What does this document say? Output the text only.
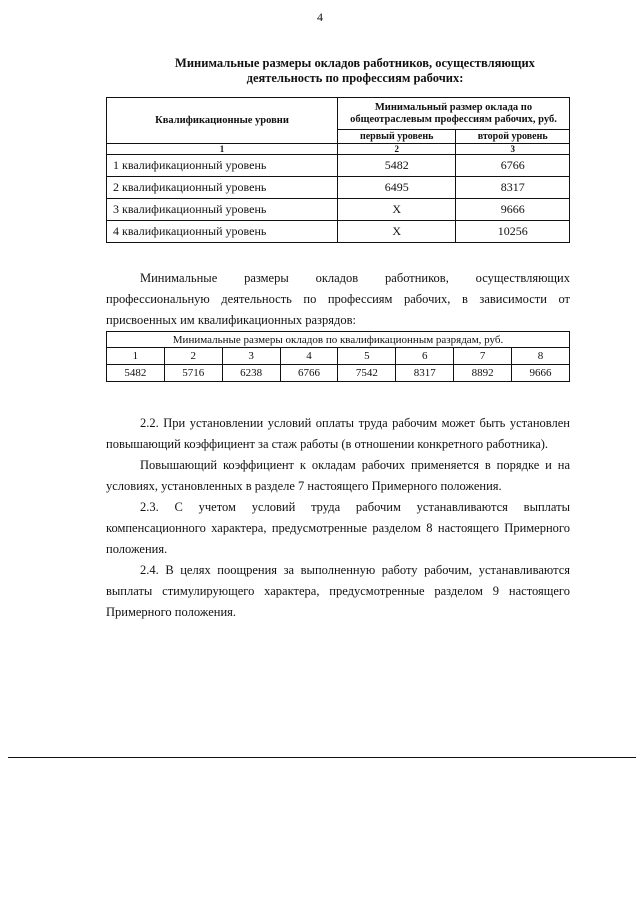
4
Минимальные размеры окладов работников, осуществляющих
деятельность по профессиям рабочих:
Квалификационные уровни	Минимальный размер оклада по общеотраслевым профессиям рабочих, руб.	
	первый уровень	второй уровень
1	2	3
1 квалификационный уровень	5482	6766
2 квалификационный уровень	6495	8317
3 квалификационный уровень	Х	9666
4 квалификационный уровень	Х	10256
Минимальные размеры окладов работников, осуществляющих профессиональную деятельность по профессиям рабочих, в зависимости от присвоенных им квалификационных разрядов:
Минимальные размеры окладов по квалификационным разрядам, руб.							
1	2	3	4	5	6	7	8
5482	5716	6238	6766	7542	8317	8892	9666
2.2. При установлении условий оплаты труда рабочим может быть установлен повышающий коэффициент за стаж работы (в отношении конкретного работника).
Повышающий коэффициент к окладам рабочих применяется в порядке и на условиях, установленных в разделе 7 настоящего Примерного положения.
2.3. С учетом условий труда рабочим устанавливаются выплаты компенсационного характера, предусмотренные разделом 8 настоящего Примерного положения.
2.4. В целях поощрения за выполненную работу рабочим, устанавливаются выплаты стимулирующего характера, предусмотренные разделом 9 настоящего Примерного положения.
